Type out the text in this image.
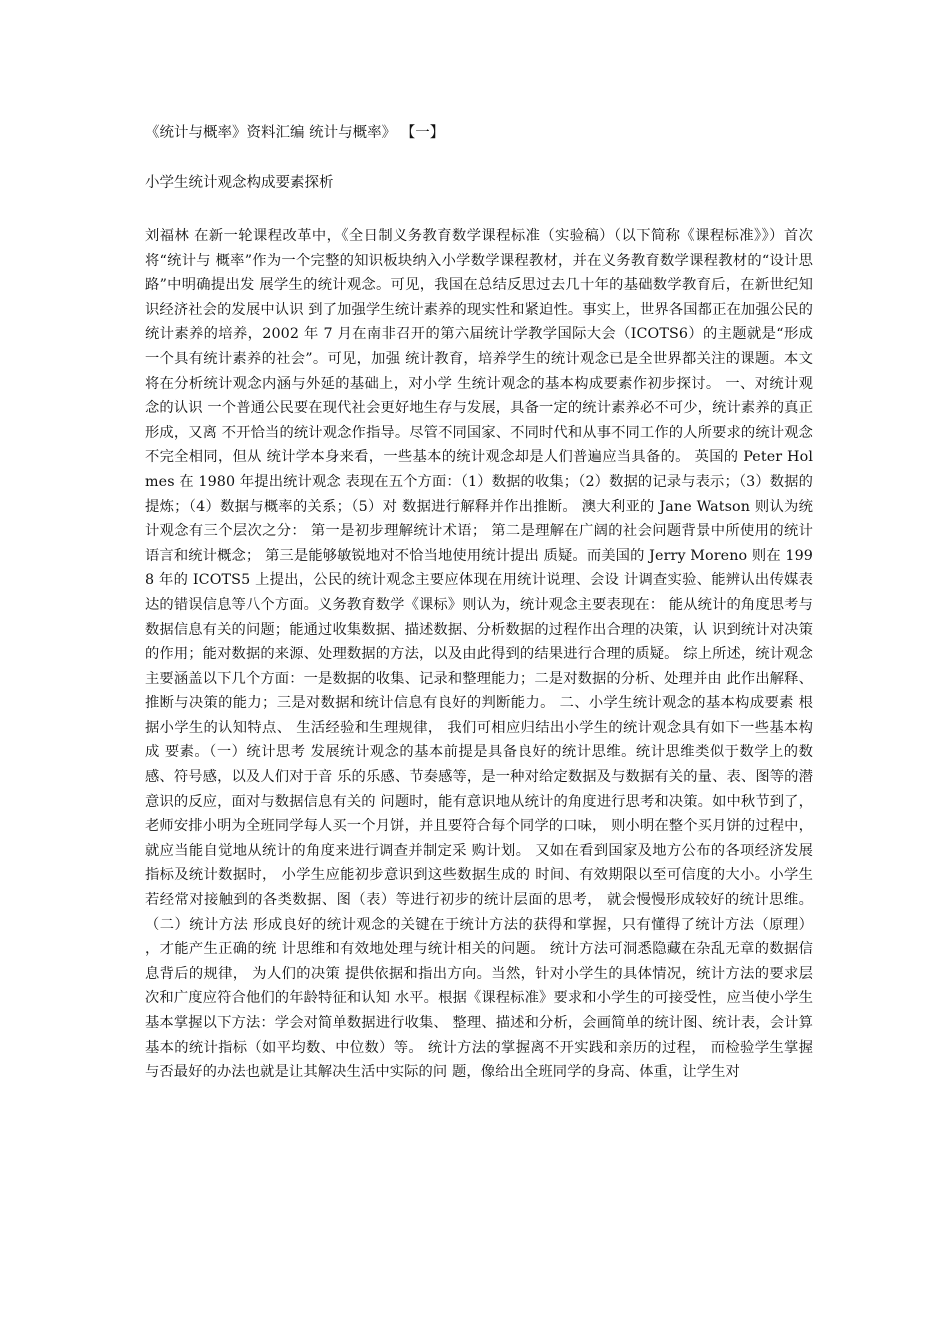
《统计与概率》资料汇编 统计与概率》 【一】
小学生统计观念构成要素探析

刘福林 在新一轮课程改革中，《全日制义务教育数学课程标准（实验稿）（以下简称《课程标准》》）首次将“统计与 概率”作为一个完整的知识板块纳入小学数学课程教材，并在义务教育数学课程教材的“设计思路”中明确提出发 展学生的统计观念。可见，我国在总结反思过去几十年的基础数学教育后，在新世纪知识经济社会的发展中认识 到了加强学生统计素养的现实性和紧迫性。事实上，世界各国都正在加强公民的统计素养的培养，2002 年 7 月在南非召开的第六届统计学教学国际大会（ICOTS6）的主题就是“形成一个具有统计素养的社会”。可见，加强 统计教育，培养学生的统计观念已是全世界都关注的课题。本文将在分析统计观念内涵与外延的基础上，对小学 生统计观念的基本构成要素作初步探讨。 一、对统计观念的认识 一个普通公民要在现代社会更好地生存与发展，具备一定的统计素养必不可少，统计素养的真正形成，又离 不开恰当的统计观念作指导。尽管不同国家、不同时代和从事不同工作的人所要求的统计观念不完全相同，但从 统计学本身来看，一些基本的统计观念却是人们普遍应当具备的。 英国的 Peter Holmes 在 1980 年提出统计观念 表现在五个方面：（1）数据的收集；（2）数据的记录与表示；（3）数据的提炼；（4）数据与概率的关系；（5）对 数据进行解释并作出推断。 澳大利亚的 Jane Watson 则认为统计观念有三个层次之分： 第一是初步理解统计术语； 第二是理解在广阔的社会问题背景中所使用的统计语言和统计概念； 第三是能够敏锐地对不恰当地使用统计提出 质疑。而美国的 Jerry Moreno 则在 1998 年的 ICOTS5 上提出，公民的统计观念主要应体现在用统计说理、会设 计调查实验、能辨认出传媒表达的错误信息等八个方面。义务教育数学《课标》则认为，统计观念主要表现在： 能从统计的角度思考与数据信息有关的问题；能通过收集数据、描述数据、分析数据的过程作出合理的决策，认 识到统计对决策的作用；能对数据的来源、处理数据的方法，以及由此得到的结果进行合理的质疑。 综上所述，统计观念主要涵盖以下几个方面：一是数据的收集、记录和整理能力；二是对数据的分析、处理并由 此作出解释、推断与决策的能力；三是对数据和统计信息有良好的判断能力。 二、小学生统计观念的基本构成要素 根据小学生的认知特点、 生活经验和生理规律， 我们可相应归结出小学生的统计观念具有如下一些基本构成 要素。（一）统计思考 发展统计观念的基本前提是具备良好的统计思维。统计思维类似于数学上的数感、符号感，以及人们对于音 乐的乐感、节奏感等，是一种对给定数据及与数据有关的量、表、图等的潜意识的反应，面对与数据信息有关的 问题时，能有意识地从统计的角度进行思考和决策。如中秋节到了，老师安排小明为全班同学每人买一个月饼，并且要符合每个同学的口味， 则小明在整个买月饼的过程中， 就应当能自觉地从统计的角度来进行调查并制定采 购计划。 又如在看到国家及地方公布的各项经济发展指标及统计数据时， 小学生应能初步意识到这些数据生成的 时间、有效期限以至可信度的大小。小学生若经常对接触到的各类数据、图（表）等进行初步的统计层面的思考， 就会慢慢形成较好的统计思维。（二）统计方法 形成良好的统计观念的关键在于统计方法的获得和掌握，只有懂得了统计方法（原理） ，才能产生正确的统 计思维和有效地处理与统计相关的问题。 统计方法可洞悉隐藏在杂乱无章的数据信息背后的规律， 为人们的决策 提供依据和指出方向。当然，针对小学生的具体情况，统计方法的要求层次和广度应符合他们的年龄特征和认知 水平。根据《课程标准》要求和小学生的可接受性，应当使小学生基本掌握以下方法：学会对简单数据进行收集、 整理、描述和分析，会画简单的统计图、统计表，会计算基本的统计指标（如平均数、中位数）等。 统计方法的掌握离不开实践和亲历的过程， 而检验学生掌握与否最好的办法也就是让其解决生活中实际的问 题，像给出全班同学的身高、体重，让学生对
